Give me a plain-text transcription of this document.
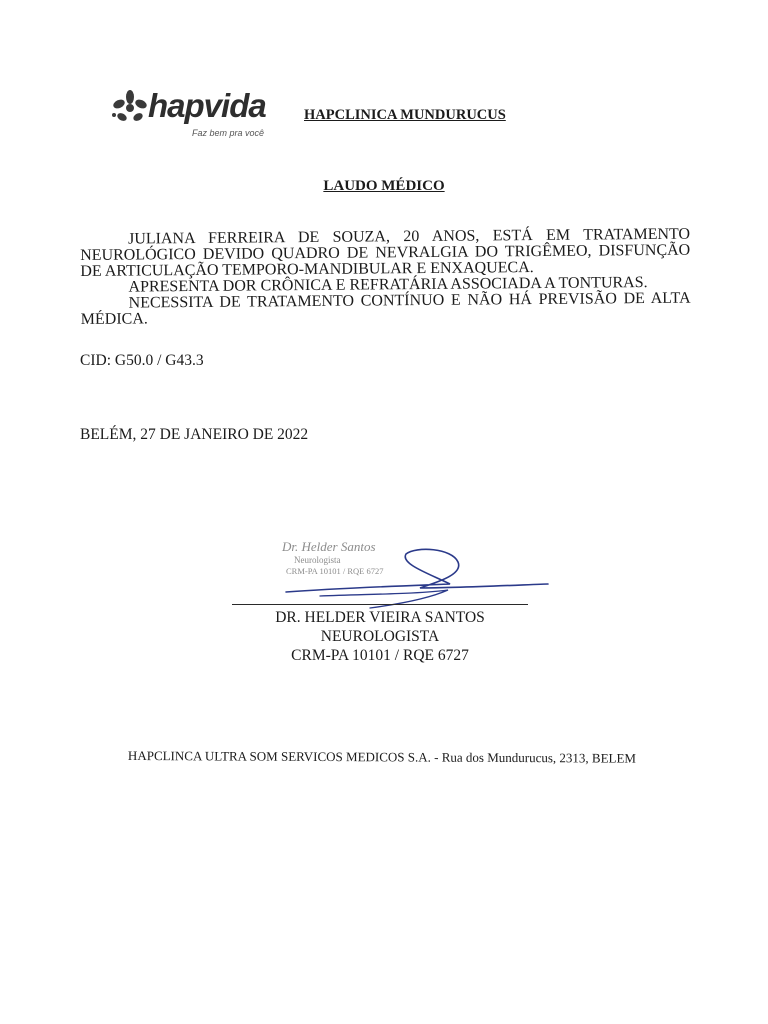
hapvida
Faz bem pra você
HAPCLINICA MUNDURUCUS
LAUDO MÉDICO

JULIANA FERREIRA DE SOUZA, 20 ANOS, ESTÁ EM TRATAMENTO NEUROLÓGICO DEVIDO QUADRO DE NEVRALGIA DO TRIGÊMEO, DISFUNÇÃO DE ARTICULAÇÃO TEMPORO-MANDIBULAR E ENXAQUECA.

APRESENTA DOR CRÔNICA E REFRATÁRIA ASSOCIADA A TONTURAS.

NECESSITA DE TRATAMENTO CONTÍNUO E NÃO HÁ PREVISÃO DE ALTA MÉDICA.

CID: G50.0 / G43.3
BELÉM, 27 DE JANEIRO DE 2022
Dr. Helder Santos
Neurologista
CRM-PA 10101 / RQE 6727
DR. HELDER VIEIRA SANTOS
NEUROLOGISTA
CRM-PA 10101 / RQE 6727
HAPCLINCA ULTRA SOM SERVICOS MEDICOS S.A. - Rua dos Mundurucus, 2313, BELEM
